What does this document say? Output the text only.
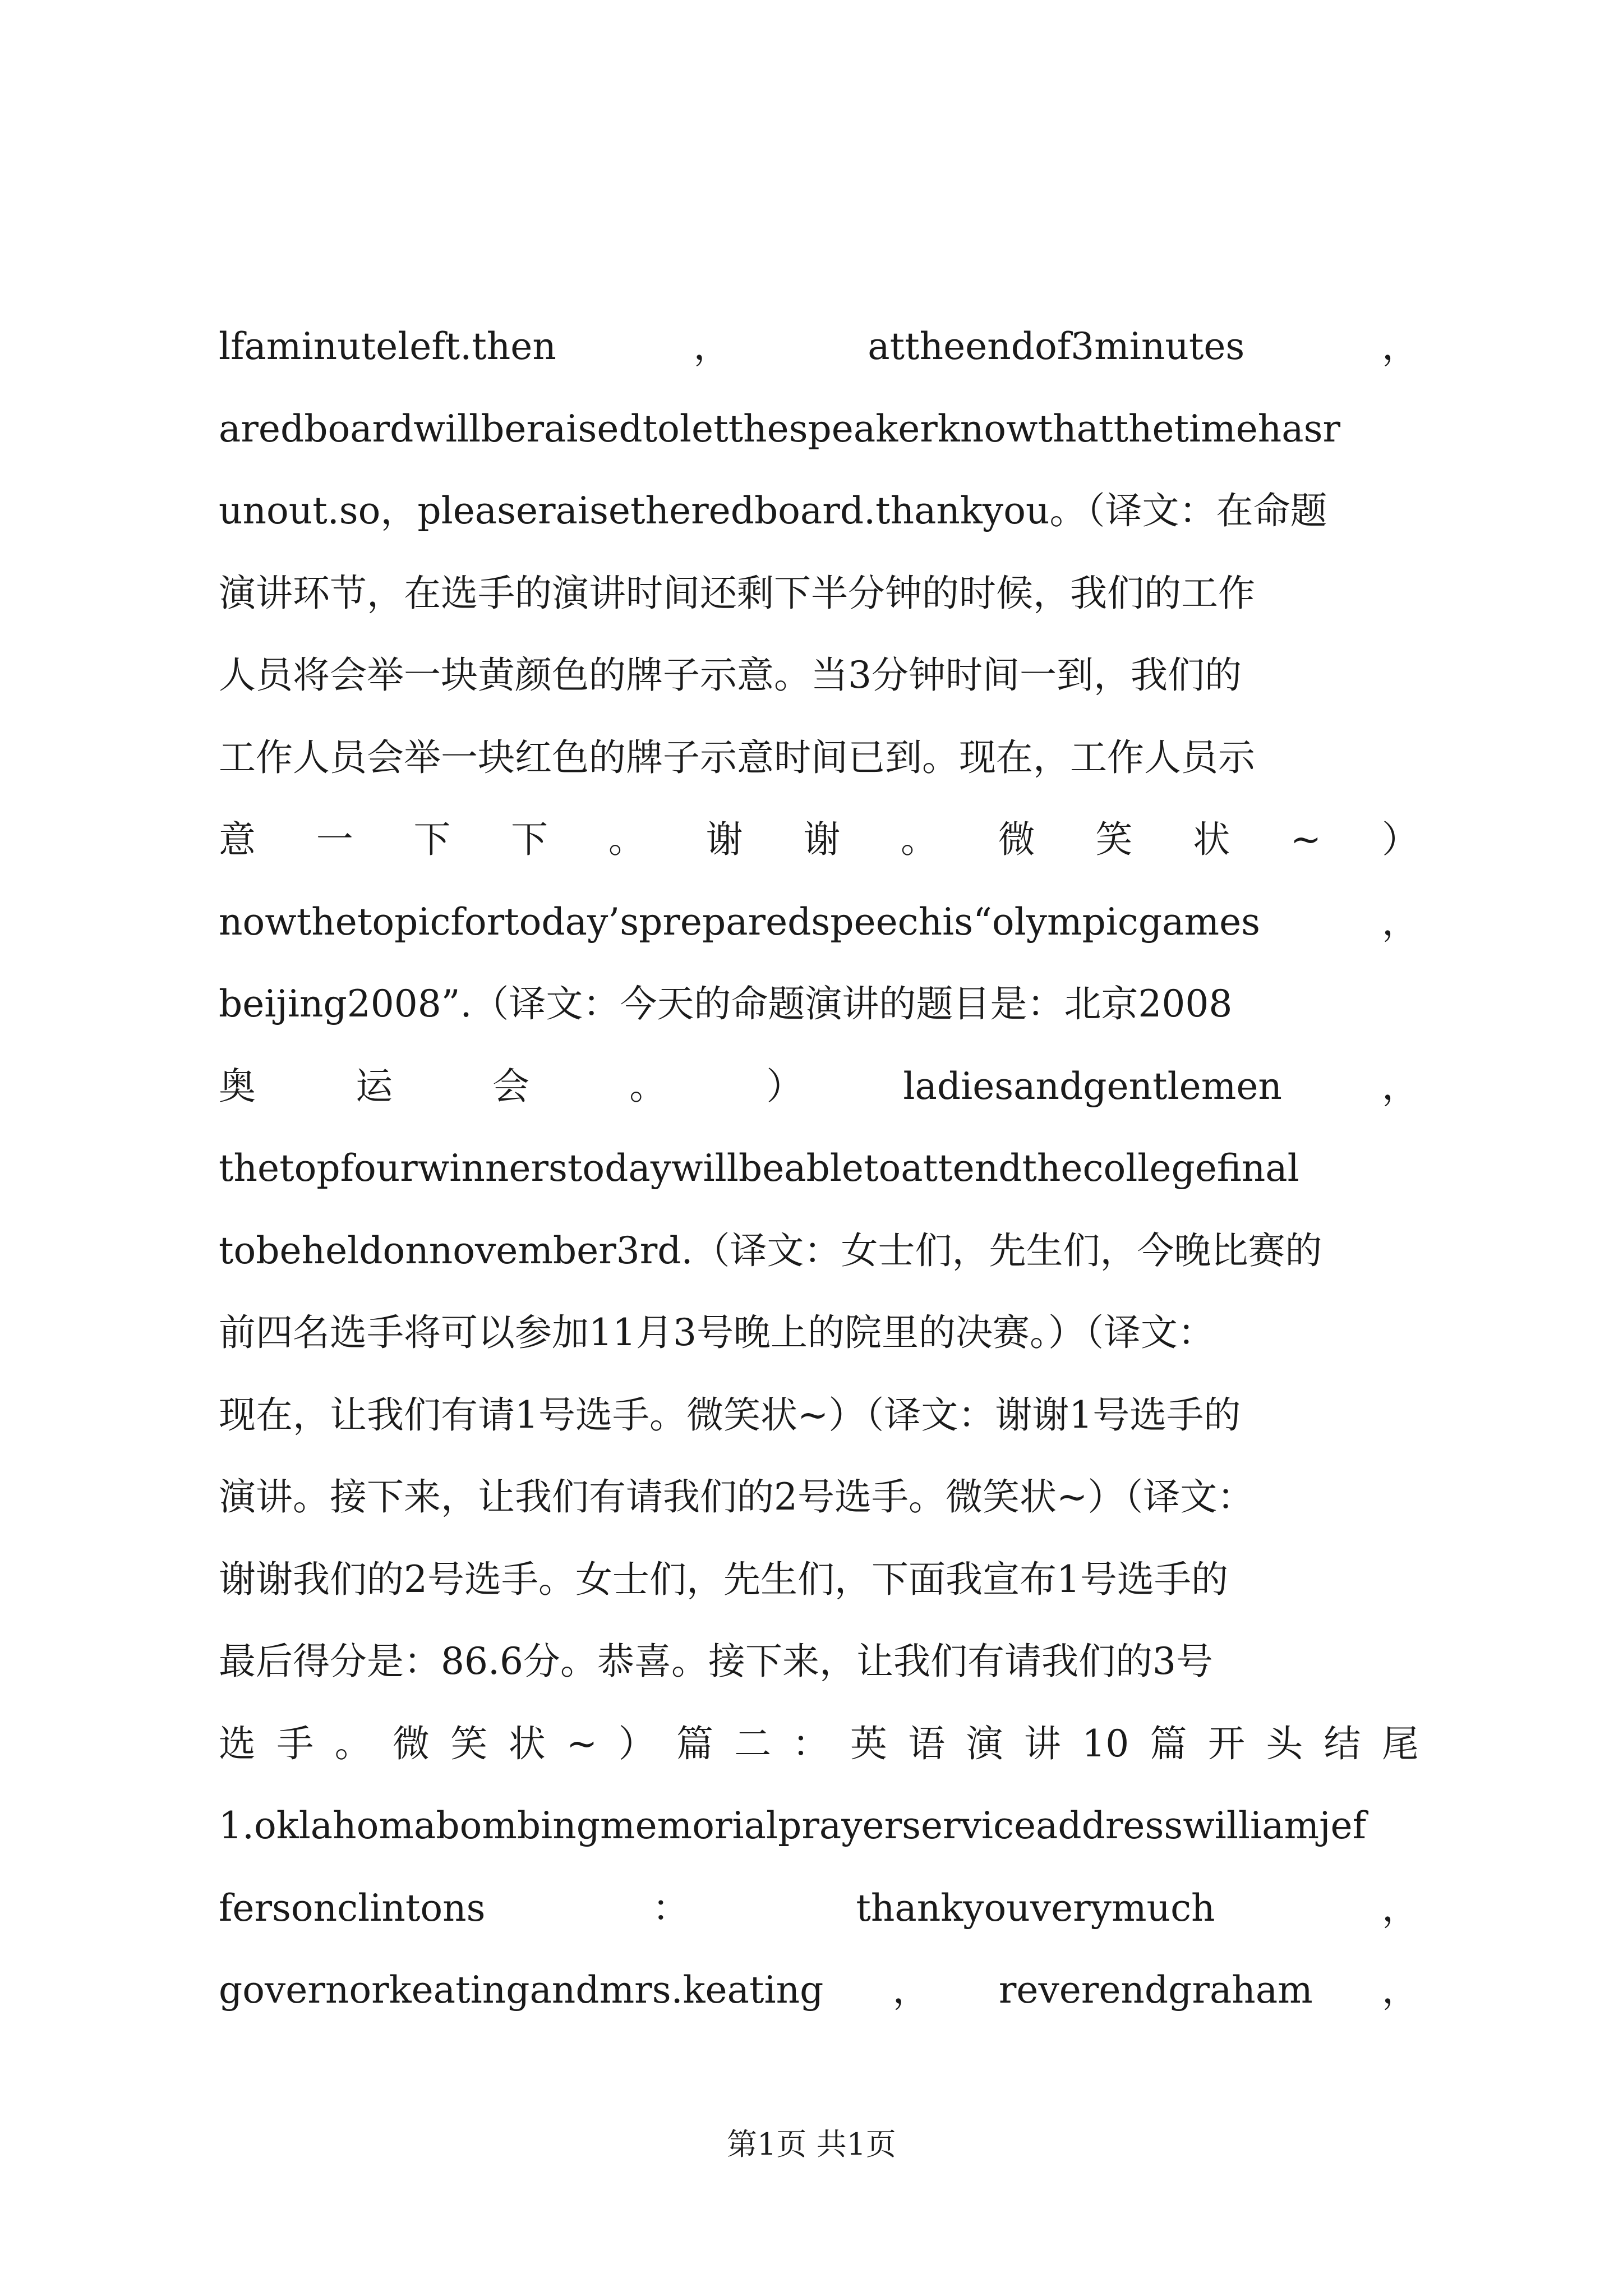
lfaminuteleft.then	，	attheendof3minutes	，
aredboardwillberaisedtoletthespeakerknowthatthetimehasr
unout.so，pleaseraisetheredboard.thankyou。（译文：在命题
演讲环节，在选手的演讲时间还剩下半分钟的时候，我们的工作
人员将会举一块黄颜色的牌子示意。当3分钟时间一到，我们的
工作人员会举一块红色的牌子示意时间已到。现在，工作人员示
意 一 下 下 。 谢 谢 。 微 笑 状 ~ ）
nowthetopicfortoday’spreparedspeechis“olympicgames	，
beijing2008”.（译文：今天的命题演讲的题目是：北京2008
奥	运	会	。	）	ladiesandgentlemen	，
thetopfourwinnerstodaywillbeabletoattendthecollegefinal
tobeheldonnovember3rd.（译文：女士们，先生们，今晚比赛的
前四名选手将可以参加11月3号晚上的院里的决赛。）（译文：
现在，让我们有请1号选手。微笑状~）（译文：谢谢1号选手的
演讲。接下来，让我们有请我们的2号选手。微笑状~）（译文：
谢谢我们的2号选手。女士们，先生们，下面我宣布1号选手的
最后得分是：86.6分。恭喜。接下来，让我们有请我们的3号
选 手 。 微 笑 状 ~ ） 篇 二 ： 英 语 演 讲 10 篇 开 头 结 尾
1.oklahomabombingmemorialprayerserviceaddresswilliamjef
fersonclintons	：	thankyouverymuch	，
governorkeatingandmrs.keating ， reverendgraham ，
第1页 共1页
